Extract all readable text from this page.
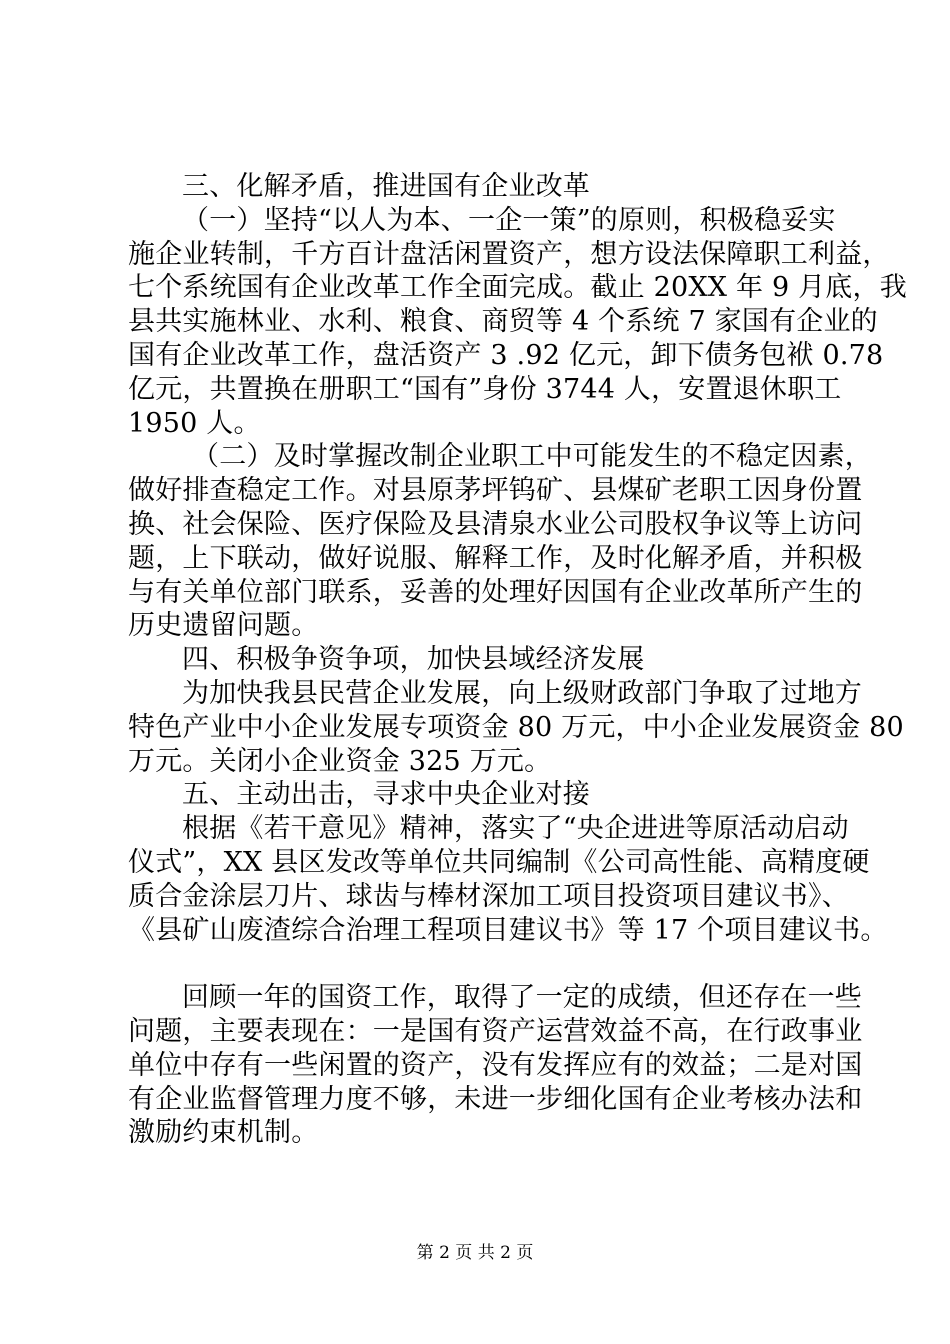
三、化解矛盾，推进国有企业改革
（一）坚持“以人为本、一企一策”的原则，积极稳妥实
施企业转制，千方百计盘活闲置资产，想方设法保障职工利益，
七个系统国有企业改革工作全面完成。截止 20XX 年 9 月底，我
县共实施林业、水利、粮食、商贸等 4 个系统 7 家国有企业的
国有企业改革工作，盘活资产 3 .92 亿元，卸下债务包袱 0.78
亿元，共置换在册职工“国有”身份 3744 人，安置退休职工
1950 人。
（二）及时掌握改制企业职工中可能发生的不稳定因素，
做好排查稳定工作。对县原茅坪钨矿、县煤矿老职工因身份置
换、社会保险、医疗保险及县清泉水业公司股权争议等上访问
题，上下联动，做好说服、解释工作，及时化解矛盾，并积极
与有关单位部门联系，妥善的处理好因国有企业改革所产生的
历史遗留问题。
四、积极争资争项，加快县域经济发展
为加快我县民营企业发展，向上级财政部门争取了过地方
特色产业中小企业发展专项资金 80 万元，中小企业发展资金 80
万元。关闭小企业资金 325 万元。
五、主动出击，寻求中央企业对接
根据《若干意见》精神，落实了“央企进进等原活动启动
仪式”，XX 县区发改等单位共同编制《公司高性能、高精度硬
质合金涂层刀片、球齿与棒材深加工项目投资项目建议书》、
《县矿山废渣综合治理工程项目建议书》等 17 个项目建议书。
回顾一年的国资工作，取得了一定的成绩，但还存在一些
问题，主要表现在：一是国有资产运营效益不高，在行政事业
单位中存有一些闲置的资产，没有发挥应有的效益；二是对国
有企业监督管理力度不够，未进一步细化国有企业考核办法和
激励约束机制。
第 2 页 共 2 页
